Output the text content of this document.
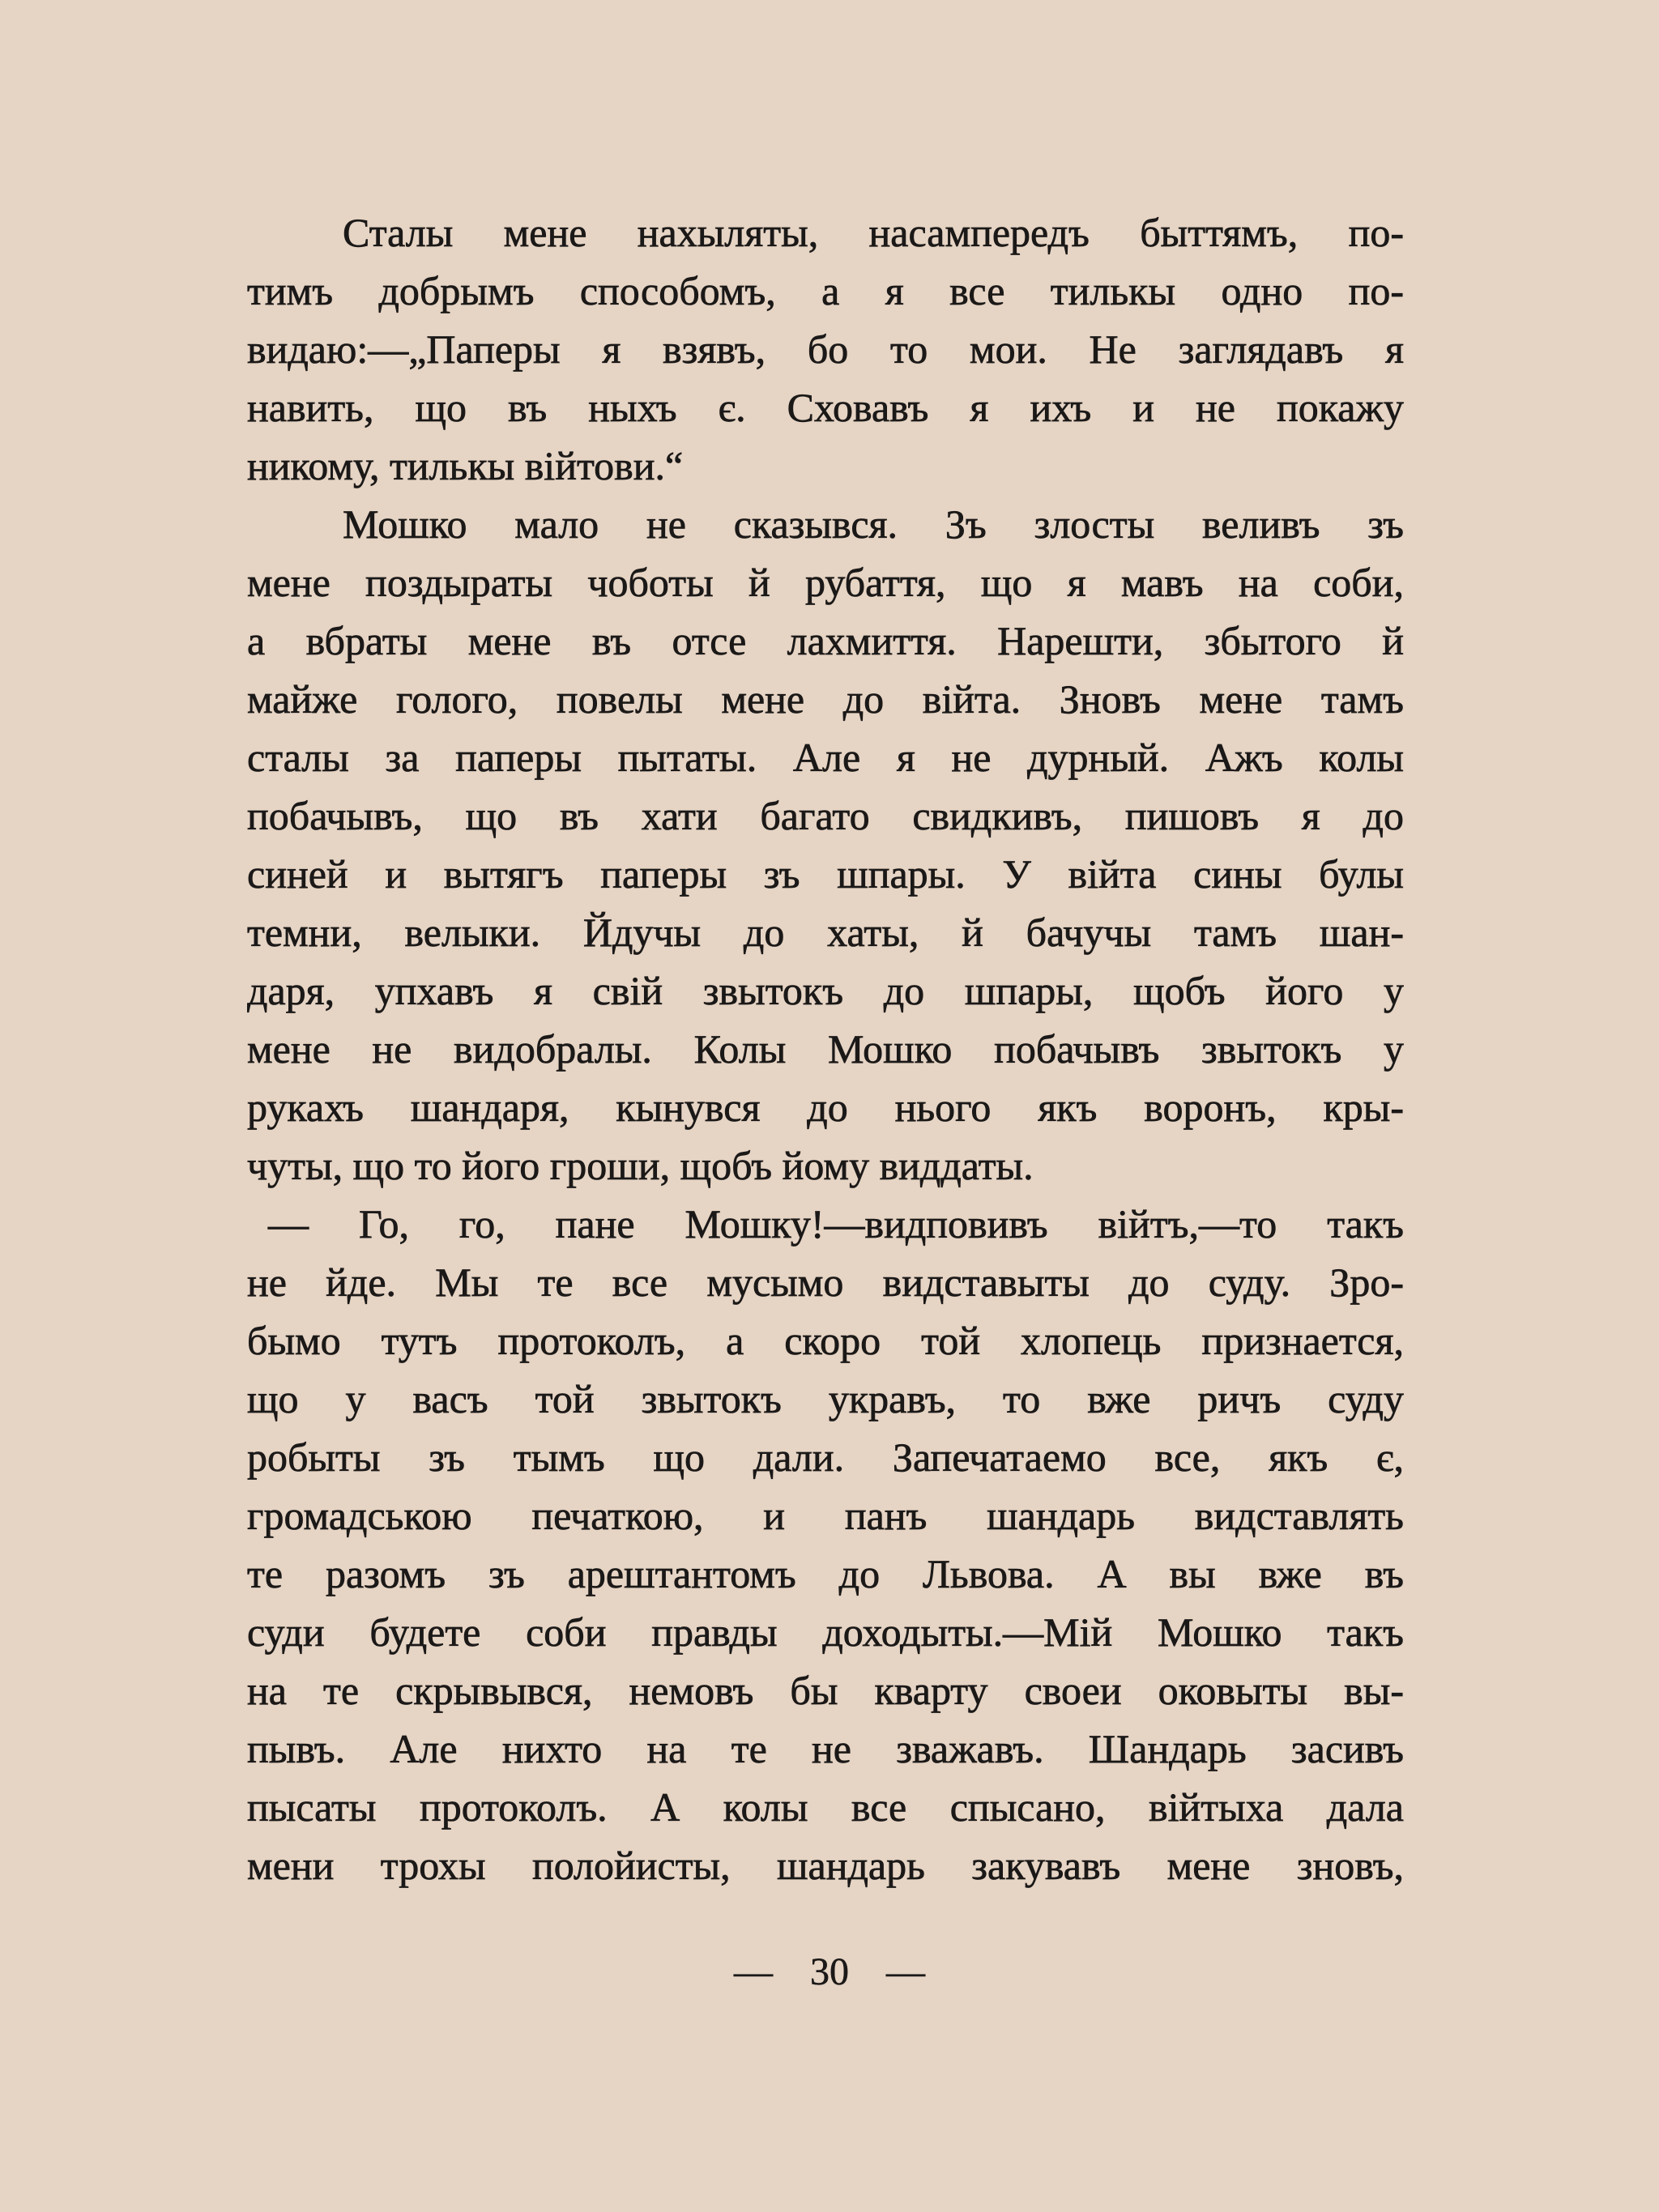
Сталы мене нахыляты, насампередъ быттямъ, по-
тимъ добрымъ способомъ, а я все тилькы одно по-
видаю:—„Паперы я взявъ, бо то мои. Не заглядавъ я
навить, що въ ныхъ є. Сховавъ я ихъ и не покажу
никому, тилькы війтови.“
Мошко мало не сказывся. Зъ злосты веливъ зъ
мене поздыраты чоботы й рубаття, що я мавъ на соби,
а вбраты мене въ отсе лахмиття. Нарешти, збытого й
майже голого, повелы мене до війта. Зновъ мене тамъ
сталы за паперы пытаты. Але я не дурный. Ажъ колы
побачывъ, що въ хати багато свидкивъ, пишовъ я до
синей и вытягъ паперы зъ шпары. У війта сины булы
темни, велыки. Йдучы до хаты, й бачучы тамъ шан-
даря, упхавъ я свій звытокъ до шпары, щобъ його у
мене не видобралы. Колы Мошко побачывъ звытокъ у
рукахъ шандаря, кынувся до нього якъ воронъ, кры-
чуты, що то його гроши, щобъ йому виддаты.
— Го, го, пане Мошку!—видповивъ війтъ,—то такъ
не йде. Мы те все мусымо видставыты до суду. Зро-
бымо тутъ протоколъ, а скоро той хлопець признается,
що у васъ той звытокъ укравъ, то вже ричъ суду
робыты зъ тымъ що дали. Запечатаемо все, якъ є,
громадською печаткою, и панъ шандарь видставлять
те разомъ зъ арештантомъ до Львова. А вы вже въ
суди будете соби правды доходыты.—Мій Мошко такъ
на те скрывывся, немовъ бы кварту своеи оковыты вы-
пывъ. Але нихто на те не зважавъ. Шандарь засивъ
пысаты протоколъ. А колы все спысано, війтыха дала
мени трохы полойисты, шандарь закувавъ мене зновъ,
— 30 —
